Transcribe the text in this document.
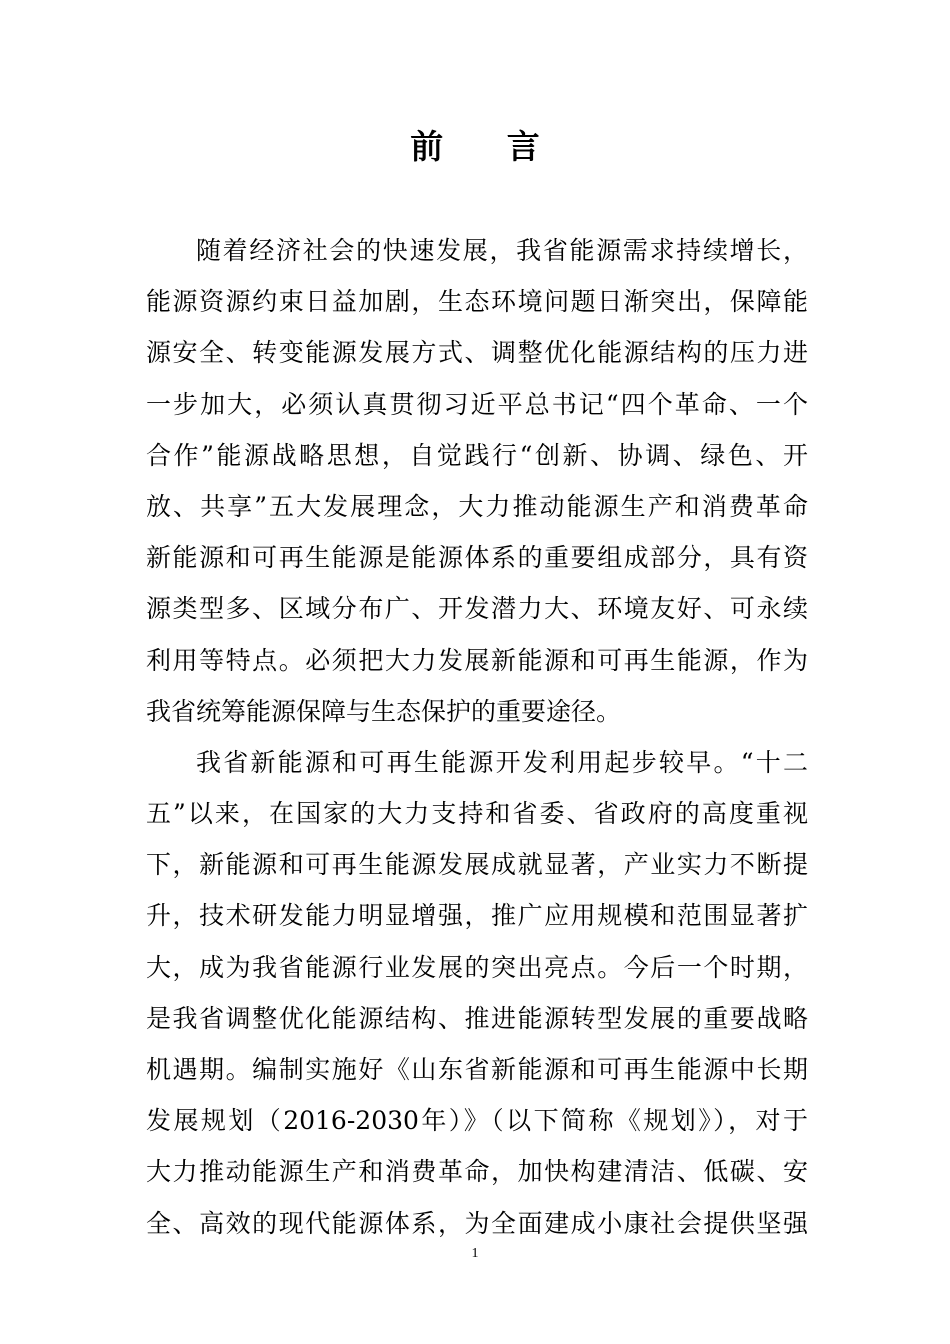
前 言
随着经济社会的快速发展，我省能源需求持续增长，
能源资源约束日益加剧，生态环境问题日渐突出，保障能
源安全、转变能源发展方式、调整优化能源结构的压力进
一步加大，必须认真贯彻习近平总书记“四个革命、一个
合作”能源战略思想，自觉践行“创新、协调、绿色、开
放、共享”五大发展理念，大力推动能源生产和消费革命
新能源和可再生能源是能源体系的重要组成部分，具有资
源类型多、区域分布广、开发潜力大、环境友好、可永续
利用等特点。必须把大力发展新能源和可再生能源，作为
我省统筹能源保障与生态保护的重要途径。
我省新能源和可再生能源开发利用起步较早。“十二
五”以来，在国家的大力支持和省委、省政府的高度重视
下，新能源和可再生能源发展成就显著，产业实力不断提
升，技术研发能力明显增强，推广应用规模和范围显著扩
大，成为我省能源行业发展的突出亮点。今后一个时期，
是我省调整优化能源结构、推进能源转型发展的重要战略
机遇期。编制实施好《山东省新能源和可再生能源中长期
发展规划（2016-2030年）》（以下简称《规划》），对于
大力推动能源生产和消费革命，加快构建清洁、低碳、安
全、高效的现代能源体系，为全面建成小康社会提供坚强
1
